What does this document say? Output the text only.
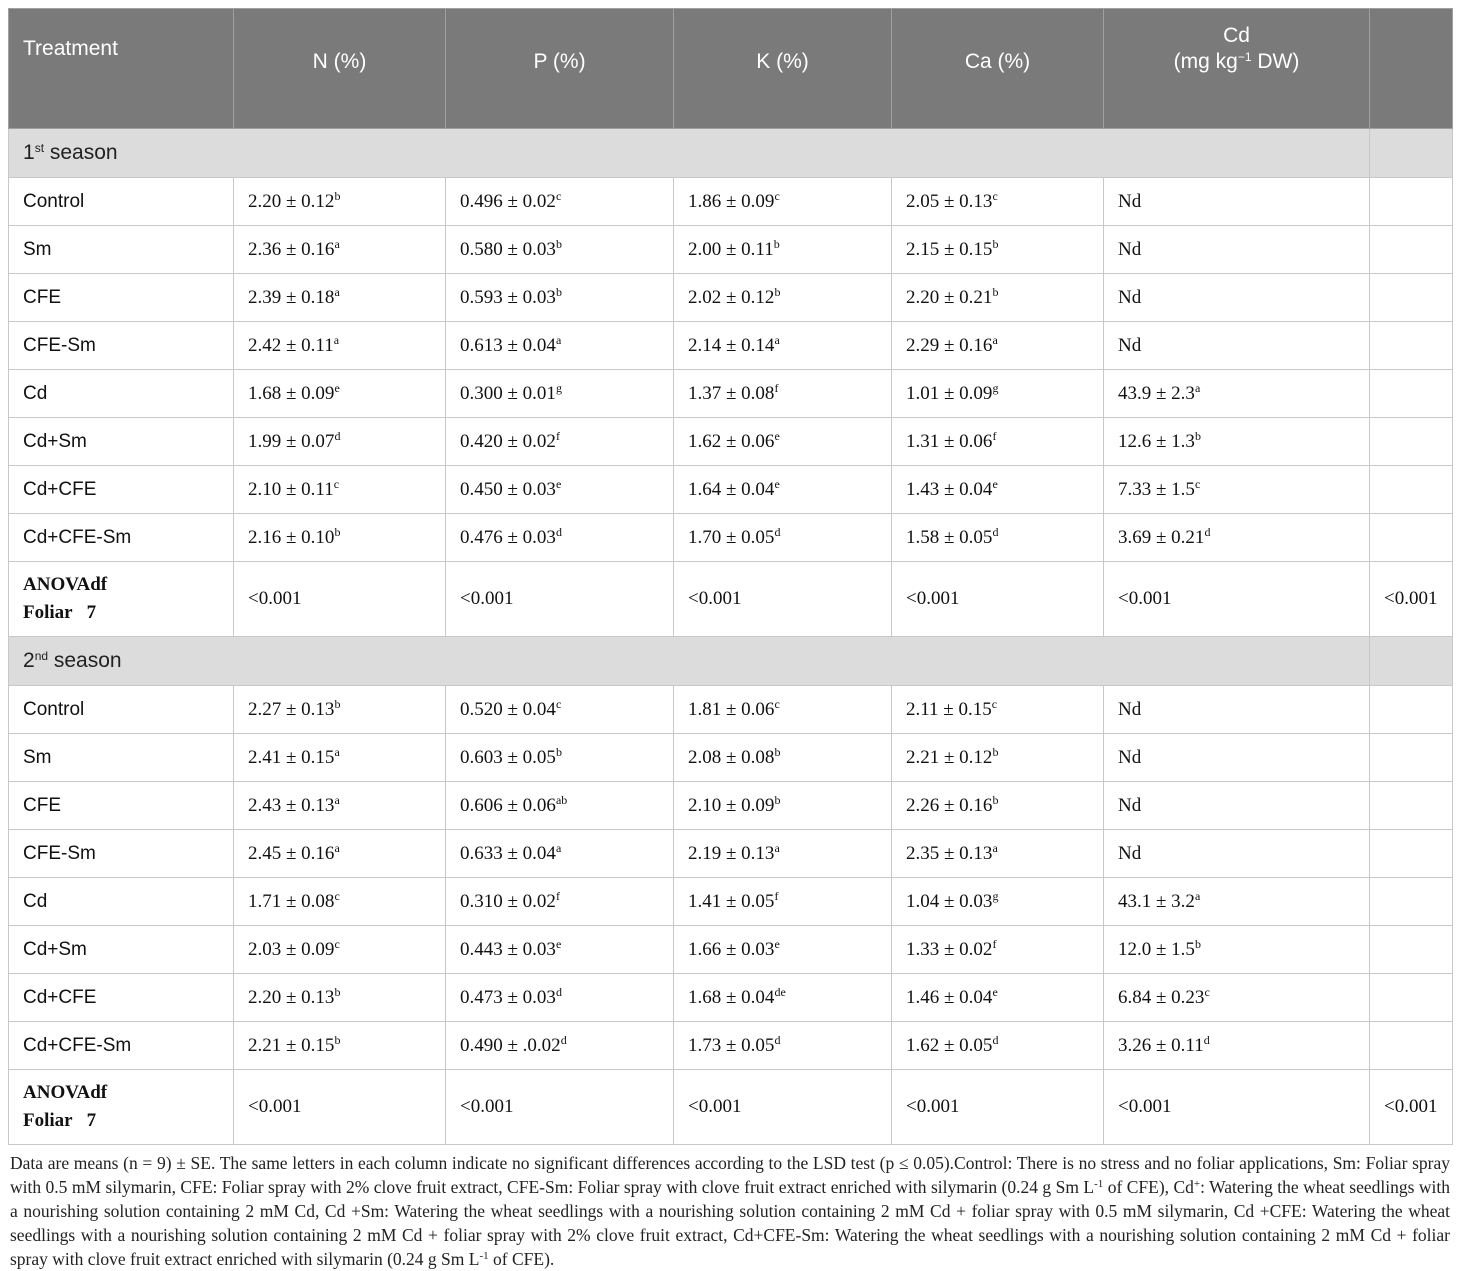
Treatment	N (%)	P (%)	K (%)	Ca (%)	Cd
(mg $kg^{-1}$ DW)	
1st season						
Control	2.20 ± 0.12$^b$	0.496 ± 0.02$^c$	1.86 ± 0.09$^c$	2.05 ± 0.13$^c$	Nd	
Sm	2.36 ± 0.16$^a$	0.580 ± 0.03$^b$	2.00 ± 0.11$^b$	2.15 ± 0.15$^b$	Nd	
CFE	2.39 ± 0.18$^a$	0.593 ± 0.03$^b$	2.02 ± 0.12$^b$	2.20 ± 0.21$^b$	Nd	
CFE-Sm	2.42 ± 0.11$^a$	0.613 ± 0.04$^a$	2.14 ± 0.14$^a$	2.29 ± 0.16$^a$	Nd	
Cd	1.68 ± 0.09$^e$	0.300 ± 0.01$^g$	1.37 ± 0.08$^f$	1.01 ± 0.09$^g$	43.9 ± 2.3$^a$	
Cd+Sm	1.99 ± 0.07$^d$	0.420 ± 0.02$^f$	1.62 ± 0.06$^e$	1.31 ± 0.06$^f$	12.6 ± 1.3$^b$	
Cd+CFE	2.10 ± 0.11$^c$	0.450 ± 0.03$^e$	1.64 ± 0.04$^e$	1.43 ± 0.04$^e$	7.33 ± 1.5$^c$	
Cd+CFE-Sm	2.16 ± 0.10$^b$	0.476 ± 0.03$^d$	1.70 ± 0.05$^d$	1.58 ± 0.05$^d$	3.69 ± 0.21$^d$	
ANOVAdf
Foliar 7	<0.001	<0.001	<0.001	<0.001	<0.001	<0.001
2nd season						
Control	2.27 ± 0.13$^b$	0.520 ± 0.04$^c$	1.81 ± 0.06$^c$	2.11 ± 0.15$^c$	Nd	
Sm	2.41 ± 0.15$^a$	0.603 ± 0.05$^b$	2.08 ± 0.08$^b$	2.21 ± 0.12$^b$	Nd	
CFE	2.43 ± 0.13$^a$	0.606 ± 0.06$^{ab}$	2.10 ± 0.09$^b$	2.26 ± 0.16$^b$	Nd	
CFE-Sm	2.45 ± 0.16$^a$	0.633 ± 0.04$^a$	2.19 ± 0.13$^a$	2.35 ± 0.13$^a$	Nd	
Cd	1.71 ± 0.08$^c$	0.310 ± 0.02$^f$	1.41 ± 0.05$^f$	1.04 ± 0.03$^g$	43.1 ± 3.2$^a$	
Cd+Sm	2.03 ± 0.09$^c$	0.443 ± 0.03$^e$	1.66 ± 0.03$^e$	1.33 ± 0.02$^f$	12.0 ± 1.5$^b$	
Cd+CFE	2.20 ± 0.13$^b$	0.473 ± 0.03$^d$	1.68 ± 0.04de	1.46 ± 0.04$^e$	6.84 ± 0.23$^c$	
Cd+CFE-Sm	2.21 ± 0.15$^b$	0.490 ± .0.02$^d$	1.73 ± 0.05$^d$	1.62 ± 0.05$^d$	3.26 ± 0.11$^d$	
ANOVAdf
Foliar 7	<0.001	<0.001	<0.001	<0.001	<0.001	<0.001
Data are means (n = 9) ± SE. The same letters in each column indicate no significant differences according to the LSD test (p ≤ 0.05).Control: There is no stress and no foliar applications, Sm: Foliar spray with 0.5 mM silymarin, CFE: Foliar spray with 2% clove fruit extract, CFE-Sm: Foliar spray with clove fruit extract enriched with silymarin (0.24 g Sm $L^{-1}$ of CFE), Cd+: Watering the wheat seedlings with a nourishing solution containing 2 mM Cd, Cd +Sm: Watering the wheat seedlings with a nourishing solution containing 2 mM Cd + foliar spray with 0.5 mM silymarin, Cd +CFE: Watering the wheat seedlings with a nourishing solution containing 2 mM Cd + foliar spray with 2% clove fruit extract, Cd+CFE-Sm: Watering the wheat seedlings with a nourishing solution containing 2 mM Cd + foliar spray with clove fruit extract enriched with silymarin (0.24 g Sm $L^{-1}$ of CFE).
